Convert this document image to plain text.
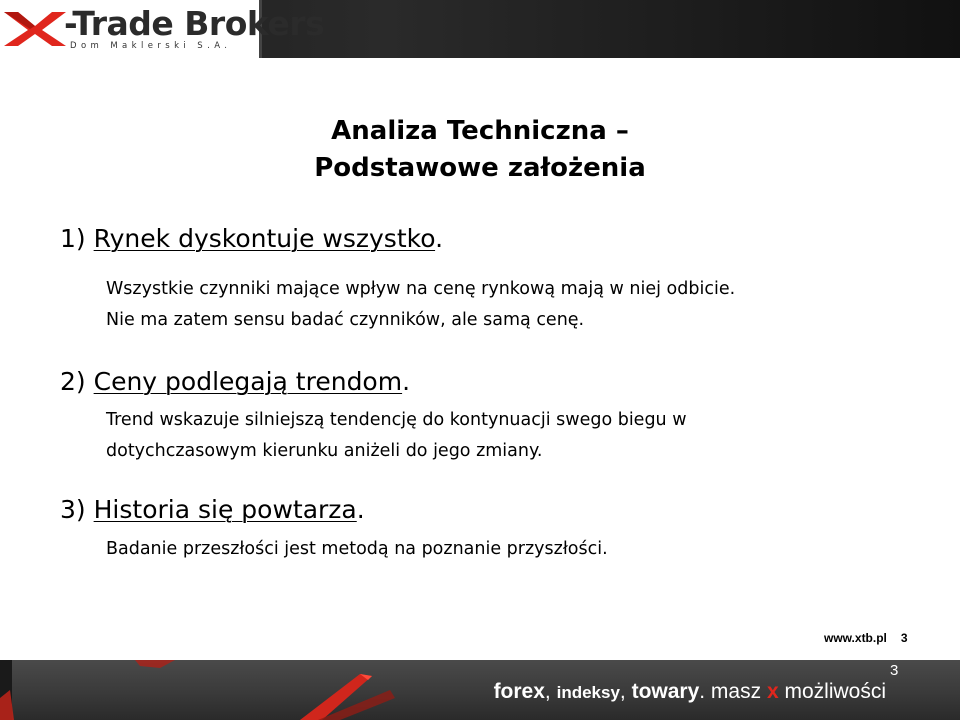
-Trade Brokers
Dom Maklerski S.A.
Analiza Techniczna –
Podstawowe założenia
1) Rynek dyskontuje wszystko.
Wszystkie czynniki mające wpływ na cenę rynkową mają w niej odbicie.
Nie ma zatem sensu badać czynników, ale samą cenę.
2) Ceny podlegają trendom.
Trend wskazuje silniejszą tendencję do kontynuacji swego biegu w
dotychczasowym kierunku aniżeli do jego zmiany.
3) Historia się powtarza.
Badanie przeszłości jest metodą na poznanie przyszłości.
www.xtb.pl 3
3
forex, indeksy, towary. masz x możliwości
